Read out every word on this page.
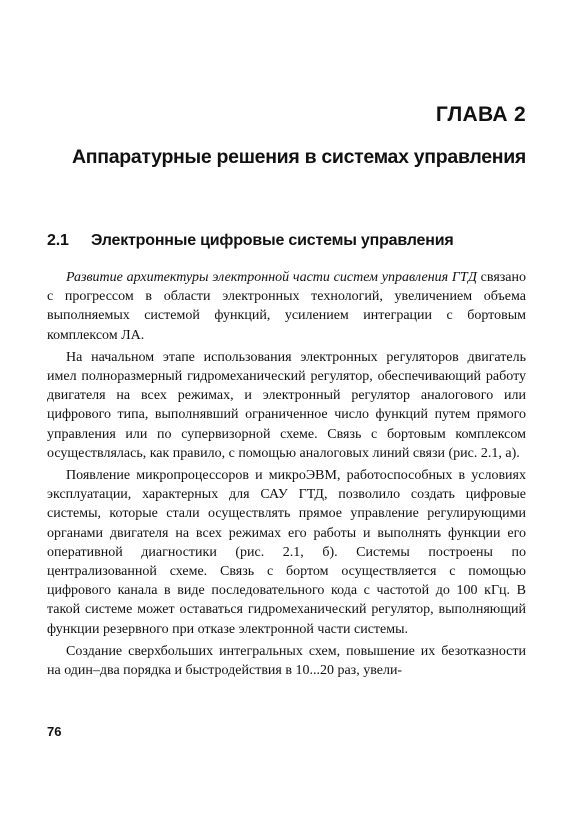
ГЛАВА 2
Аппаратурные решения в системах управления
2.1 Электронные цифровые системы управления

Развитие архитектуры электронной части систем управления ГТД связано с прогрессом в области электронных технологий, увеличением объема выполняемых системой функций, усилением интеграции с бортовым комплексом ЛА.

На начальном этапе использования электронных регуляторов двигатель имел полноразмерный гидромеханический регулятор, обеспечивающий работу двигателя на всех режимах, и электронный регулятор аналогового или цифрового типа, выполнявший ограниченное число функций путем прямого управления или по супервизорной схеме. Связь с бортовым комплексом осуществлялась, как правило, с помощью аналоговых линий связи (рис. 2.1, а).

Появление микропроцессоров и микроЭВМ, работоспособных в условиях эксплуатации, характерных для САУ ГТД, позволило создать цифровые системы, которые стали осуществлять прямое управление регулирующими органами двигателя на всех режимах его работы и выполнять функции его оперативной диагностики (рис. 2.1, б). Системы построены по централизованной схеме. Связь с бортом осуществляется с помощью цифрового канала в виде последовательного кода с частотой до 100 кГц. В такой системе может оставаться гидромеханический регулятор, выполняющий функции резервного при отказе электронной части системы.

Создание сверхбольших интегральных схем, повышение их безотказности на один–два порядка и быстродействия в 10...20 раз, увели-

76
